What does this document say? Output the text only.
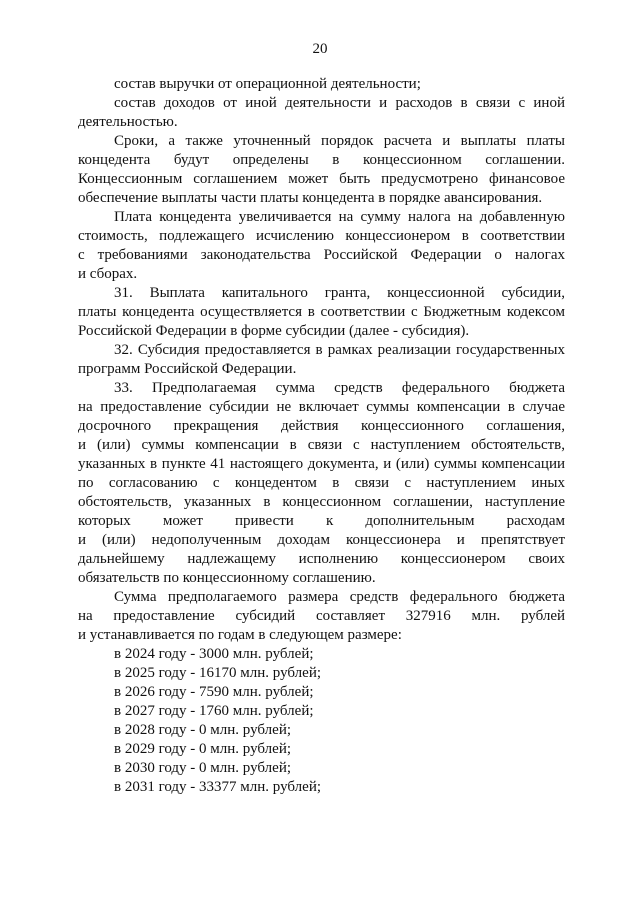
20
состав выручки от операционной деятельности;
состав доходов от иной деятельности и расходов в связи с иной
деятельностью.
Сроки, а также уточненный порядок расчета и выплаты платы
концедента будут определены в концессионном соглашении.
Концессионным соглашением может быть предусмотрено финансовое
обеспечение выплаты части платы концедента в порядке авансирования.
Плата концедента увеличивается на сумму налога на добавленную
стоимость, подлежащего исчислению концессионером в соответствии
с требованиями законодательства Российской Федерации о налогах
и сборах.
31. Выплата капитального гранта, концессионной субсидии,
платы концедента осуществляется в соответствии с Бюджетным кодексом
Российской Федерации в форме субсидии (далее - субсидия).
32. Субсидия предоставляется в рамках реализации государственных
программ Российской Федерации.
33. Предполагаемая сумма средств федерального бюджета
на предоставление субсидии не включает суммы компенсации в случае
досрочного прекращения действия концессионного соглашения,
и (или) суммы компенсации в связи с наступлением обстоятельств,
указанных в пункте 41 настоящего документа, и (или) суммы компенсации
по согласованию с концедентом в связи с наступлением иных
обстоятельств, указанных в концессионном соглашении, наступление
которых может привести к дополнительным расходам
и (или) недополученным доходам концессионера и препятствует
дальнейшему надлежащему исполнению концессионером своих
обязательств по концессионному соглашению.
Сумма предполагаемого размера средств федерального бюджета
на предоставление субсидий составляет 327916 млн. рублей
и устанавливается по годам в следующем размере:
в 2024 году - 3000 млн. рублей;
в 2025 году - 16170 млн. рублей;
в 2026 году - 7590 млн. рублей;
в 2027 году - 1760 млн. рублей;
в 2028 году - 0 млн. рублей;
в 2029 году - 0 млн. рублей;
в 2030 году - 0 млн. рублей;
в 2031 году - 33377 млн. рублей;
